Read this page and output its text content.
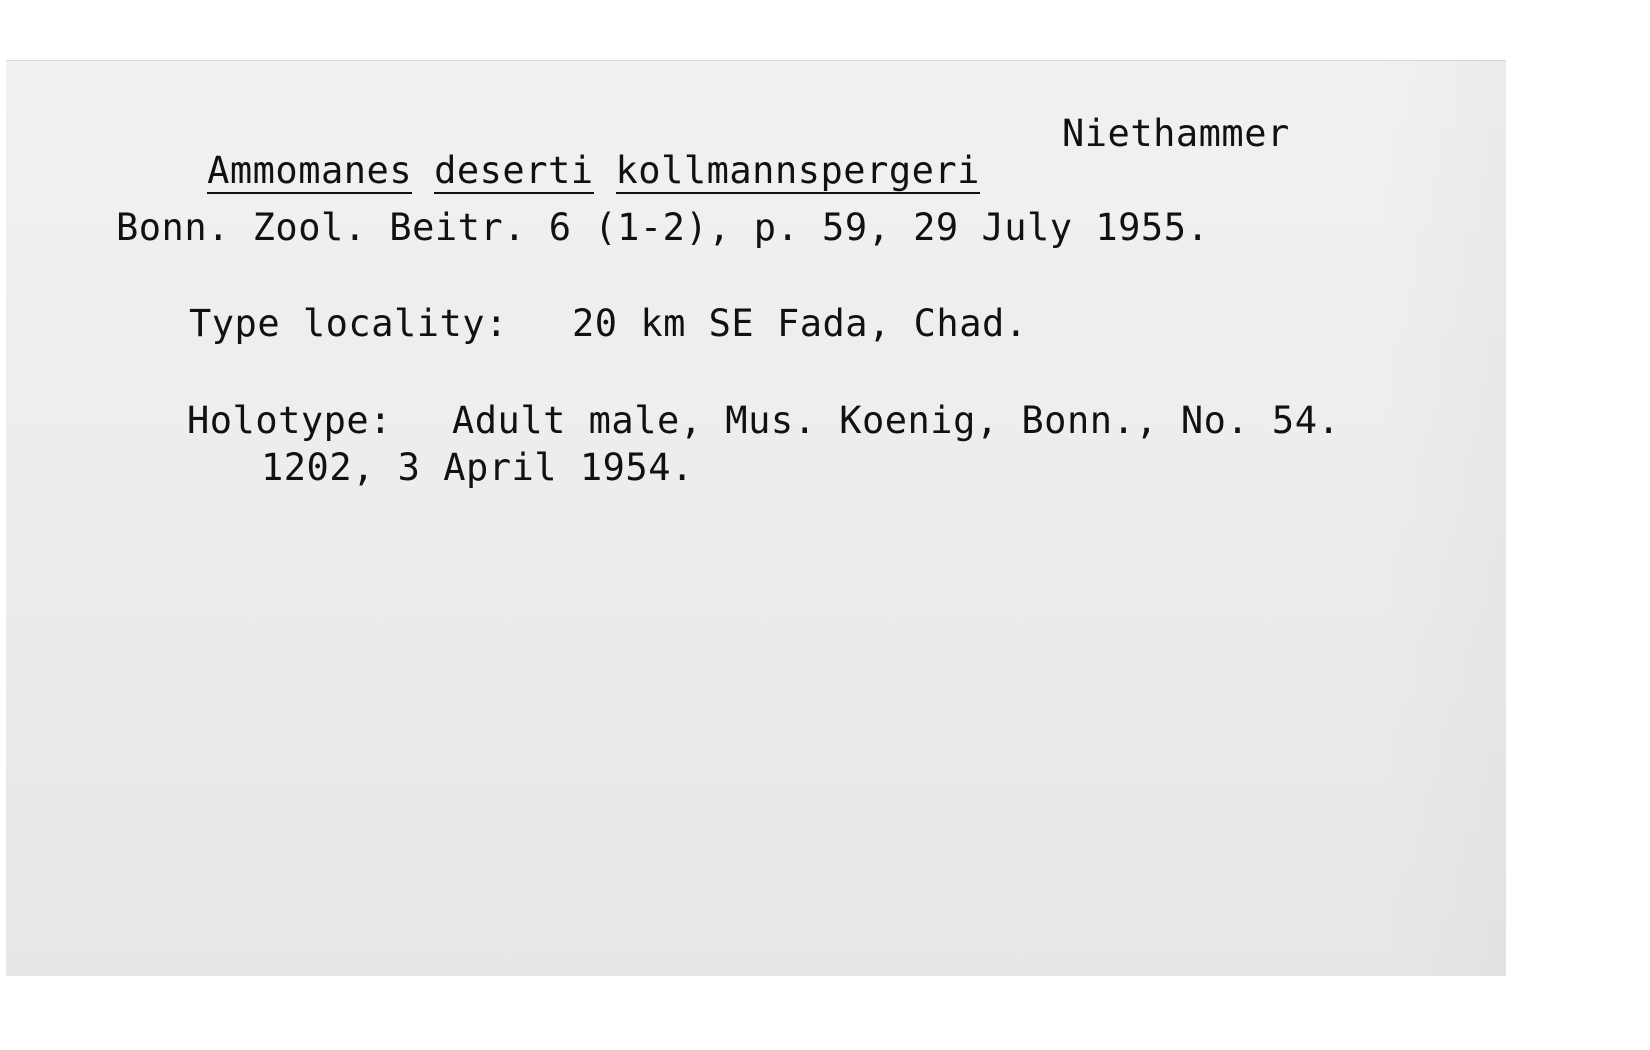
Ammomanes deserti kollmannspergeri

Niethammer
Bonn. Zool. Beitr. 6 (1-2), p. 59, 29 July 1955.
Type locality: 20 km SE Fada, Chad.
Holotype: Adult male, Mus. Koenig, Bonn., No. 54.
1202, 3 April 1954.
